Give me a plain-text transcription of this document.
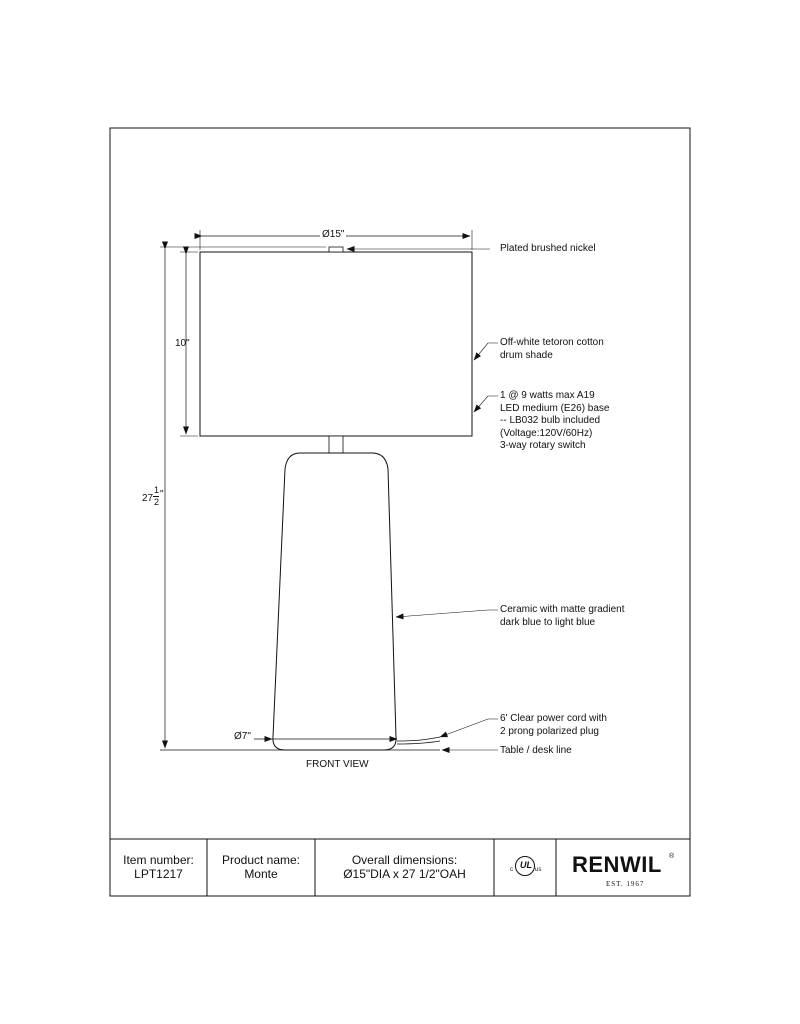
Ø15"
10"
27
1
2
"
Ø7"
Plated brushed nickel
Off-white tetoron cotton
drum shade
1 @ 9 watts max A19
LED medium (E26) base
-- LB032 bulb included
(Voltage:120V/60Hz)
3-way rotary switch
Ceramic with matte gradient
dark blue to light blue
6' Clear power cord with
2 prong polarized plug
Table / desk line
FRONT VIEW
Item number:
LPT1217
Product name:
Monte
Overall dimensions:
Ø15"DIA x 27 1/2"OAH	c UL us RENWIL ®
EST. 1967
